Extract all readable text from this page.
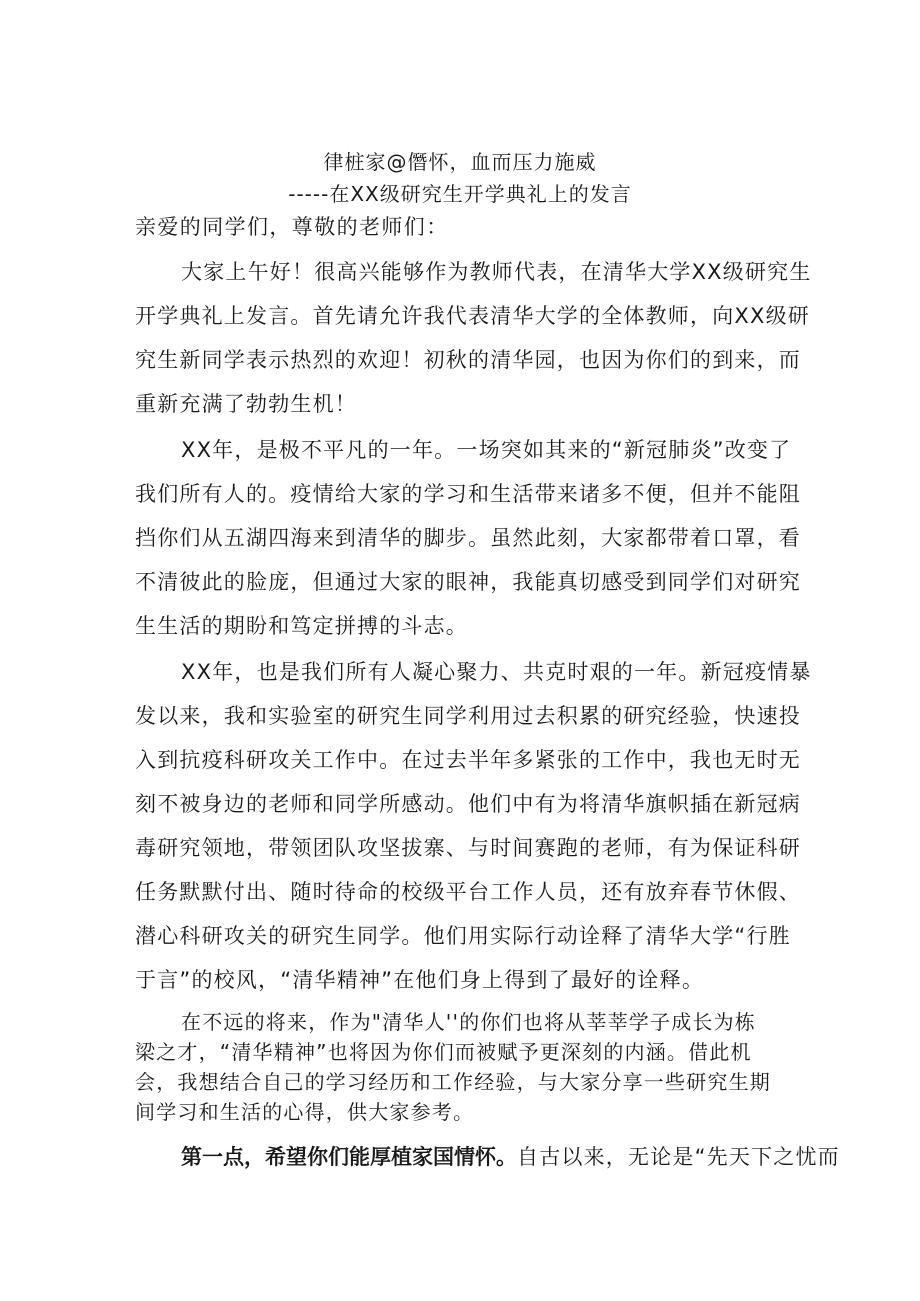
律桩家@僭怀，血而压力施威
-----在XX级研究生开学典礼上的发言
亲爱的同学们，尊敬的老师们：
大家上午好！很高兴能够作为教师代表，在清华大学XX级研究生
开学典礼上发言。首先请允许我代表清华大学的全体教师，向XX级研
究生新同学表示热烈的欢迎！初秋的清华园，也因为你们的到来，而
重新充满了勃勃生机！
XX年，是极不平凡的一年。一场突如其来的“新冠肺炎”改变了
我们所有人的。疫情给大家的学习和生活带来诸多不便，但并不能阻
挡你们从五湖四海来到清华的脚步。虽然此刻，大家都带着口罩，看
不清彼此的脸庞，但通过大家的眼神，我能真切感受到同学们对研究
生生活的期盼和笃定拼搏的斗志。
XX年，也是我们所有人凝心聚力、共克时艰的一年。新冠疫情暴
发以来，我和实验室的研究生同学利用过去积累的研究经验，快速投
入到抗疫科研攻关工作中。在过去半年多紧张的工作中，我也无时无
刻不被身边的老师和同学所感动。他们中有为将清华旗帜插在新冠病
毒研究领地，带领团队攻坚拔寨、与时间赛跑的老师，有为保证科研
任务默默付出、随时待命的校级平台工作人员，还有放弃春节休假、
潜心科研攻关的研究生同学。他们用实际行动诠释了清华大学“行胜
于言”的校风，“清华精神”在他们身上得到了最好的诠释。
在不远的将来，作为"清华人''的你们也将从莘莘学子成长为栋
梁之才，“清华精神”也将因为你们而被赋予更深刻的内涵。借此机
会，我想结合自己的学习经历和工作经验，与大家分享一些研究生期
间学习和生活的心得，供大家参考。
第一点，希望你们能厚植家国情怀。自古以来，无论是“先天下之忧而
